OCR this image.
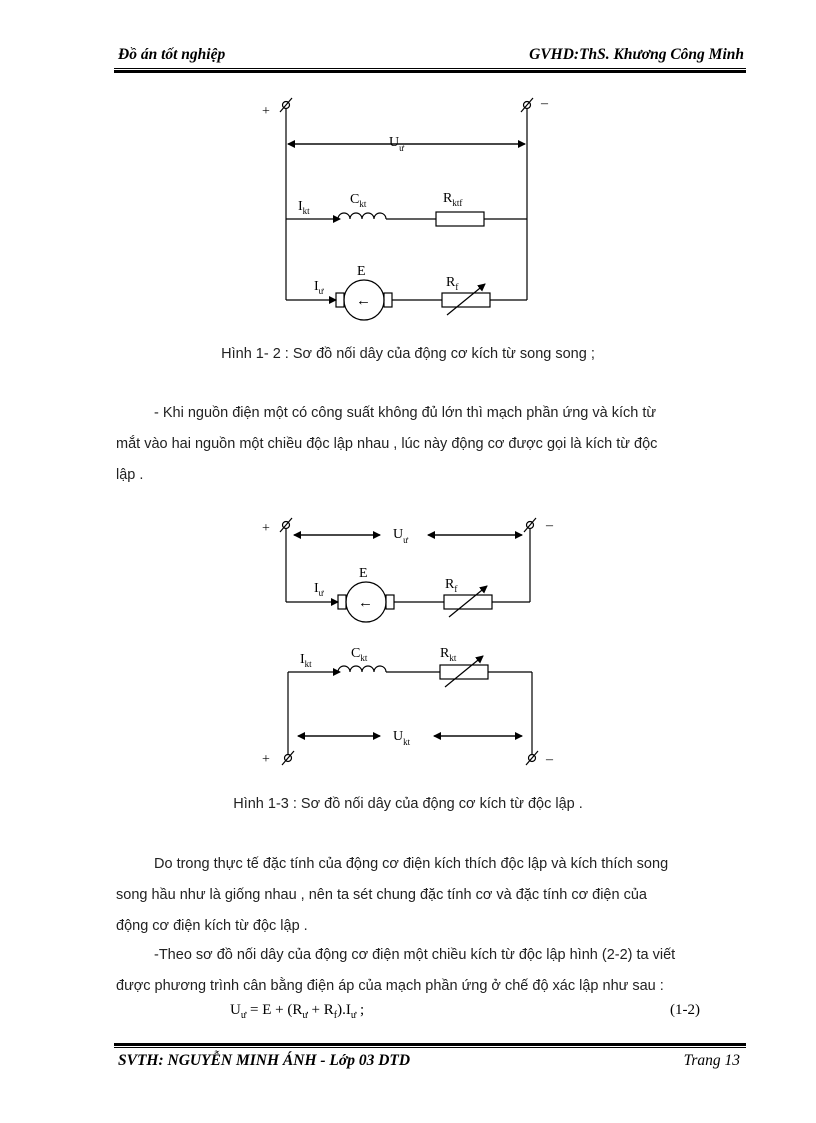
Đồ án tốt nghiệp	GVHD:ThS. Khương Công Minh
+
–
$U_ư$
$I_{kt}$
$C_{kt}$	$R_{ktf}$
$I_ư$
E
←
$R_f$
Hình 1- 2 : Sơ đồ nối dây của động cơ kích từ song song ;
- Khi nguồn điện một có công suất không đủ lớn thì mạch phần ứng và kích từ
mắt vào hai nguồn một chiều độc lập nhau , lúc này động cơ được gọi là kích từ độc
lập .
+	–
$U_ư$
$I_ư$
E
←
$R_f$
$I_{kt}$
$C_{kt}$	$R_{kt}$
$U_{kt}$
+	–
Hình 1-3 : Sơ đồ nối dây của động cơ kích từ độc lập .
Do trong thực tế đặc tính của động cơ điện kích thích độc lập và kích thích song
song hầu như là giống nhau , nên ta sét chung đặc tính cơ và đặc tính cơ điện của
động cơ điện kích từ độc lập .
-Theo sơ đồ nối dây của động cơ điện một chiều kích từ độc lập hình (2-2) ta viết
được phương trình cân bằng điện áp của mạch phần ứng ở chế độ xác lập như sau :
$U_ư = E + (R_ư + R_f).I_ư$ ;	(1-2)
SVTH: NGUYỄN MINH ÁNH - Lớp 03 DTD	Trang 13
